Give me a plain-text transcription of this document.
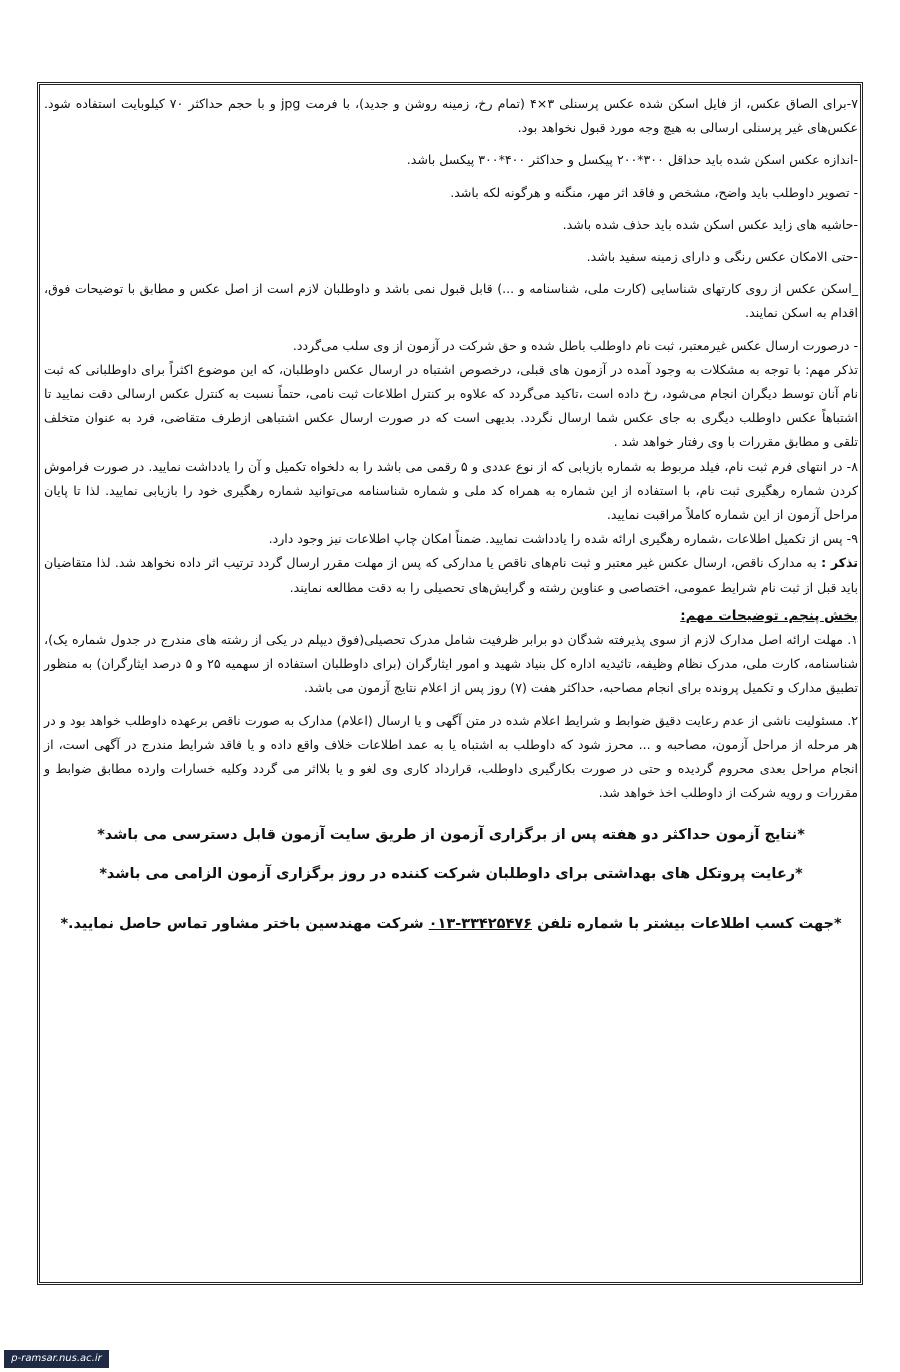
۷-برای الصاق عکس، از فایل اسکن شده عکس پرسنلی ۳×۴ (تمام رخ، زمینه روشن و جدید)، با فرمت jpg و با حجم حداکثر ۷۰ کیلوبایت استفاده شود. عکس‌های غیر پرسنلی ارسالی به هیچ وجه مورد قبول نخواهد بود.

-اندازه عکس اسکن شده باید حداقل ۳۰۰*۲۰۰ پیکسل و حداکثر ۴۰۰*۳۰۰ پیکسل باشد.

- تصویر داوطلب باید واضح، مشخص و فاقد اثر مهر، منگنه و هرگونه لکه باشد.

-حاشیه های زاید عکس اسکن شده باید حذف شده باشد.

-حتی الامکان عکس رنگی و دارای زمینه سفید باشد.

_اسکن عکس از روی کارتهای شناسایی (کارت ملی، شناسنامه و ...) قابل قبول نمی باشد و داوطلبان لازم است از اصل عکس و مطابق با توضیحات فوق، اقدام به اسکن نمایند.

- درصورت ارسال عکس غیرمعتبر، ثبت نام داوطلب باطل شده و حق شرکت در آزمون از وی سلب می‌گردد.

تذکر مهم: با توجه به مشکلات به وجود آمده در آزمون های قبلی، درخصوص اشتباه در ارسال عکس داوطلبان، که این موضوع اکثراً برای داوطلبانی که ثبت نام آنان توسط دیگران انجام می‌شود، رخ داده است ،تاکید می‌گردد که علاوه بر کنترل اطلاعات ثبت نامی، حتماً نسبت به کنترل عکس ارسالی دقت نمایید تا اشتباهاً عکس داوطلب دیگری به جای عکس شما ارسال نگردد. بدیهی است که در صورت ارسال عکس اشتباهی ازطرف متقاضی، فرد به عنوان متخلف تلقی و مطابق مقررات با وی رفتار خواهد شد .

۸- در انتهای فرم ثبت نام، فیلد مربوط به شماره بازیابی که از نوع عددی و ۵ رقمی می باشد را به دلخواه تکمیل و آن را یادداشت نمایید. در صورت فراموش کردن شماره رهگیری ثبت نام، با استفاده از این شماره به همراه کد ملی و شماره شناسنامه می‌توانید شماره رهگیری خود را بازیابی نمایید. لذا تا پایان مراحل آزمون از این شماره کاملاً مراقبت نمایید.

۹- پس از تکمیل اطلاعات ،شماره رهگیری ارائه شده را یادداشت نمایید. ضمناً امکان چاپ اطلاعات نیز وجود دارد.

تذکر : به مدارک ناقص، ارسال عکس غیر معتبر و ثبت نام‌های ناقص یا مدارکی که پس از مهلت مقرر ارسال گردد ترتیب اثر داده نخواهد شد. لذا متقاضیان باید قبل از ثبت نام شرایط عمومی، اختصاصی و عناوین رشته و گرایش‌های تحصیلی را به دقت مطالعه نمایند.

بخش پنجم. توضیحات مهم:

۱. مهلت ارائه اصل مدارک لازم از سوی پذیرفته شدگان دو برابر ظرفیت شامل مدرک تحصیلی(فوق دیپلم در یکی از رشته های مندرج در جدول شماره یک)، شناسنامه، کارت ملی، مدرک نظام وظیفه، تائیدیه اداره کل بنیاد شهید و امور ایثارگران (برای داوطلبان استفاده از سهمیه ۲۵ و ۵ درصد ایثارگران) به منظور تطبیق مدارک و تکمیل پرونده برای انجام مصاحبه، حداکثر هفت (۷) روز پس از اعلام نتایج آزمون می باشد.

۲. مسئولیت ناشی از عدم رعایت دقیق ضوابط و شرایط اعلام شده در متن آگهی و یا ارسال (اعلام) مدارک به صورت ناقص برعهده داوطلب خواهد بود و در هر مرحله از مراحل آزمون، مصاحبه و ... محرز شود که داوطلب به اشتباه یا به عمد اطلاعات خلاف واقع داده و یا فاقد شرایط مندرج در آگهی است، از انجام مراحل بعدی محروم گردیده و حتی در صورت بکارگیری داوطلب، قرارداد کاری وی لغو و یا بلااثر می گردد وکلیه خسارات وارده مطابق ضوابط و مقررات و رویه شرکت از داوطلب اخذ خواهد شد.

*نتایج آزمون حداکثر دو هفته پس از برگزاری آزمون از طریق سایت آزمون قابل دسترسی می باشد*

*رعایت پروتکل های بهداشتی برای داوطلبان شرکت کننده در روز برگزاری آزمون الزامی می باشد*

*جهت کسب اطلاعات بیشتر با شماره تلفن ۰۱۳-۳۳۴۲۵۴۷۶ شرکت مهندسین باختر مشاور تماس حاصل نمایید.*

p-ramsar.nus.ac.ir
